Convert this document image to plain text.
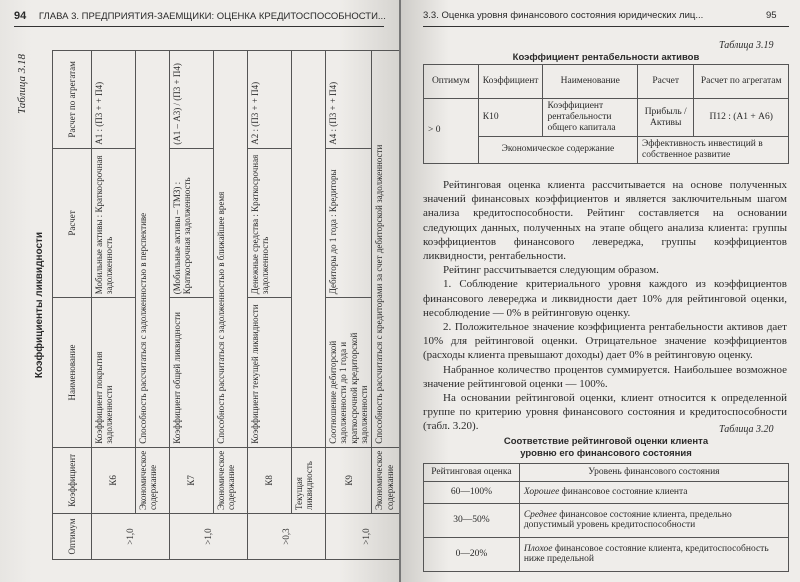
94 ГЛАВА 3. ПРЕДПРИЯТИЯ-ЗАЕМЩИКИ: ОЦЕНКА КРЕДИТОСПОСОБНОСТИ...
Таблица 3.18
Коэффициенты ликвидности
Оптимум	Коэффициент	Наименование	Расчет	Расчет по агрегатам
>1,0	К6	Коэффициент покрытия задолженности	Мобильные активы : Краткосрочная задолженность	А1 : (П3 + + П4)
	Экономическое содержание	Способность рассчитаться с задолженностью в перспективе		
>1,0	К7	Коэффициент общей ликвидности	(Мобильные активы – ТМЗ) : Краткосрочная задолженность	(А1 – А3) / (П3 + П4)
	Экономическое содержание	Способность рассчитаться с задолженностью в ближайшее время		
>0,3	К8	Коэффициент текущей ликвидности	Денежные средства : Краткосрочная задолженность	А2 : (П3 + + П4)
	Текущая ликвидность			
>1,0	К9	Соотношение дебиторской задолженности до 1 года и краткосрочной кредиторской задолженности	Дебиторы до 1 года : Кредиторы	А4 : (П3 + + П4)
	Экономическое содержание	Способность рассчитаться с кредиторами за счет дебиторской задолженности		
3.3. Оценка уровня финансового состояния юридических лиц...	95
Таблица 3.19
Коэффициент рентабельности активов
Оптимум	Коэффициент	Наименование	Расчет	Расчет по агрегатам
> 0	К10	Коэффициент рентабельности общего капитала	Прибыль / Активы	П12 : (А1 + А6)
	Экономическое содержание		Эффективность инвестиций в собственное развитие	

Рейтинговая оценка клиента рассчитывается на основе полученных значений финансовых коэффициентов и является заключительным шагом анализа кредитоспособности. Рейтинг составляется на основании следующих данных, полученных на этапе общего анализа клиента: группы коэффициентов финансового левереджа, группы коэффициентов ликвидности, рентабельности.

Рейтинг рассчитывается следующим образом.

1. Соблюдение критериального уровня каждого из коэффициентов финансового левереджа и ликвидности дает 10% для рейтинговой оценки, несоблюдение — 0% в рейтинговую оценку.

2. Положительное значение коэффициента рентабельности активов дает 10% для рейтинговой оценки. Отрицательное значение коэффициентов (расходы клиента превышают доходы) дает 0% в рейтинговую оценку.

Набранное количество процентов суммируется. Наибольшее возможное значение рейтинговой оценки — 100%.

На основании рейтинговой оценки, клиент относится к определенной группе по критерию уровня финансового состояния и кредитоспособности (табл. 3.20).	Таблица 3.20
Соответствие рейтинговой оценки клиента
уровню его финансового состояния
Рейтинговая оценка	Уровень финансового состояния
60—100%	Хорошее финансовое состояние клиента
30—50%	Среднее финансовое состояние клиента, предельно допустимый уровень кредитоспособности
0—20%	Плохое финансовое состояние клиента, кредитоспособность ниже предельной
